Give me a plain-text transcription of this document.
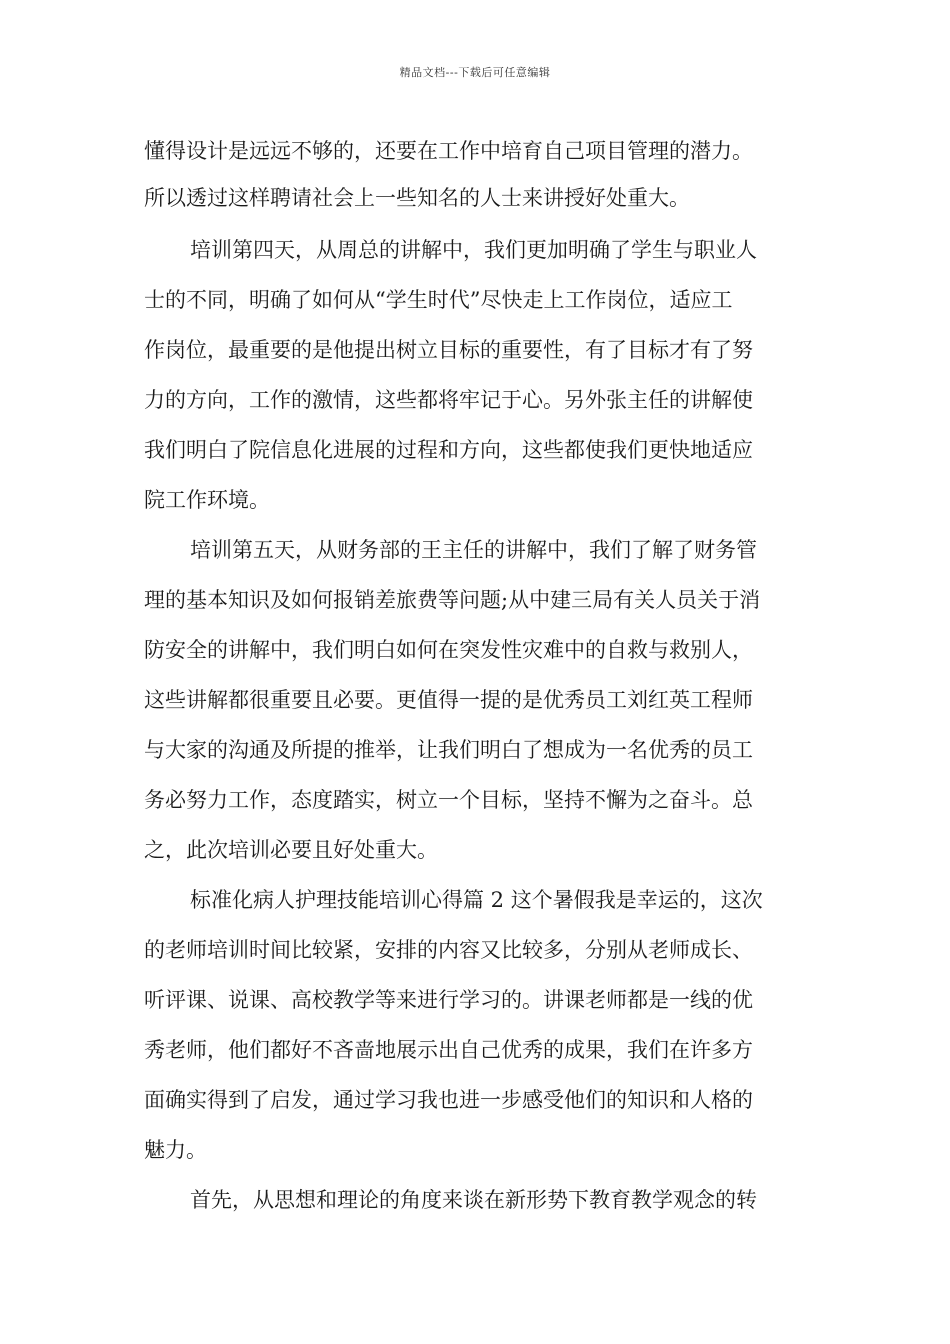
精品文档---下载后可任意编辑
懂得设计是远远不够的，还要在工作中培育自己项目管理的潜力。
所以透过这样聘请社会上一些知名的人士来讲授好处重大。
培训第四天，从周总的讲解中，我们更加明确了学生与职业人
士的不同，明确了如何从“学生时代”尽快走上工作岗位，适应工
作岗位，最重要的是他提出树立目标的重要性，有了目标才有了努
力的方向，工作的激情，这些都将牢记于心。另外张主任的讲解使
我们明白了院信息化进展的过程和方向，这些都使我们更快地适应
院工作环境。
培训第五天，从财务部的王主任的讲解中，我们了解了财务管
理的基本知识及如何报销差旅费等问题;从中建三局有关人员关于消
防安全的讲解中，我们明白如何在突发性灾难中的自救与救别人，
这些讲解都很重要且必要。更值得一提的是优秀员工刘红英工程师
与大家的沟通及所提的推举，让我们明白了想成为一名优秀的员工
务必努力工作，态度踏实，树立一个目标，坚持不懈为之奋斗。总
之，此次培训必要且好处重大。
标准化病人护理技能培训心得篇 2 这个暑假我是幸运的，这次
的老师培训时间比较紧，安排的内容又比较多，分别从老师成长、
听评课、说课、高校教学等来进行学习的。讲课老师都是一线的优
秀老师，他们都好不吝啬地展示出自己优秀的成果，我们在许多方
面确实得到了启发，通过学习我也进一步感受他们的知识和人格的
魅力。
首先，从思想和理论的角度来谈在新形势下教育教学观念的转
